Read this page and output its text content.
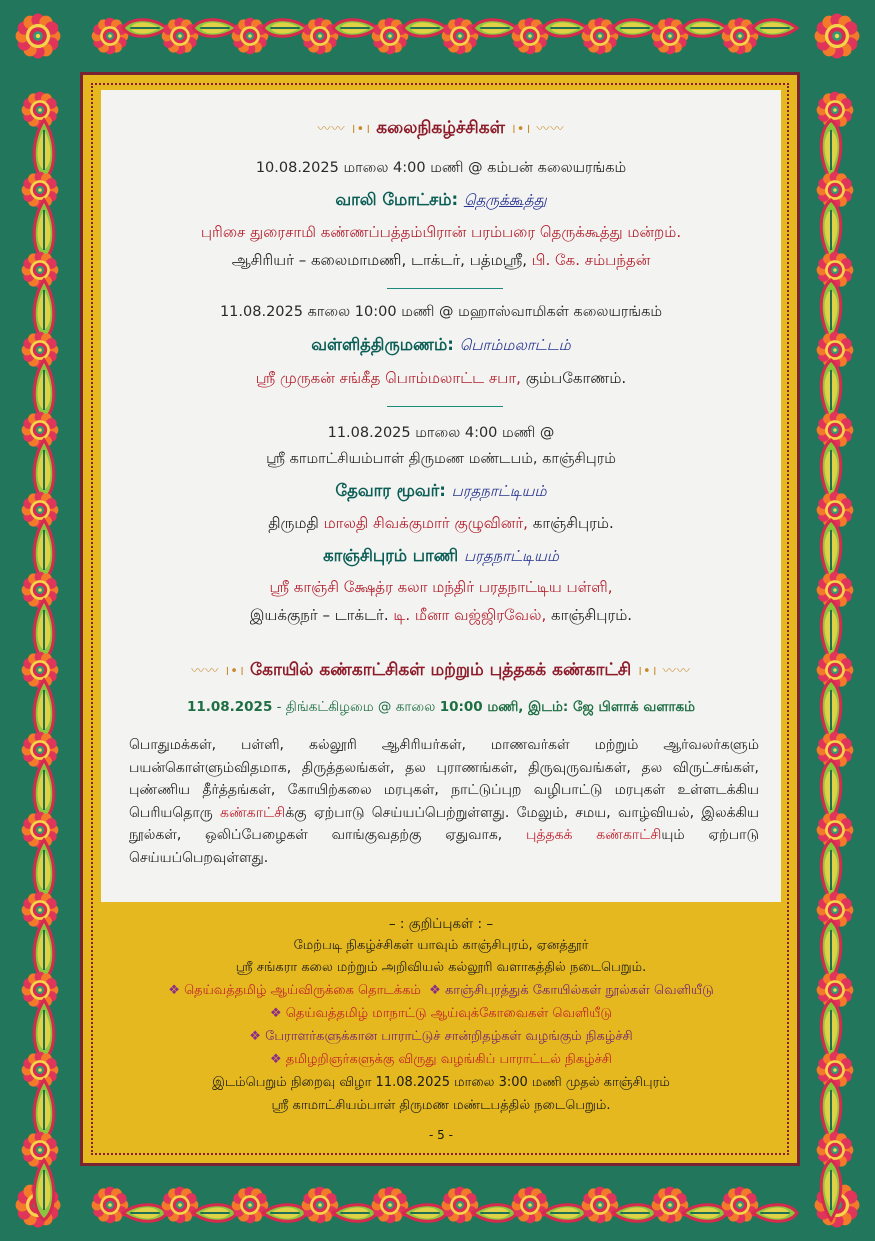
〰〰 ।•। கலைநிகழ்ச்சிகள் ।•। 〰〰
10.08.2025 மாலை 4:00 மணி @ கம்பன் கலையரங்கம்
வாலி மோட்சம்: தெருக்கூத்து
புரிசை துரைசாமி கண்ணப்பத்தம்பிரான் பரம்பரை தெருக்கூத்து மன்றம்.
ஆசிரியர் – கலைமாமணி, டாக்டர், பத்மஸ்ரீ, பி. கே. சம்பந்தன்
11.08.2025 காலை 10:00 மணி @ மஹாஸ்வாமிகள் கலையரங்கம்
வள்ளித்திருமணம்: பொம்மலாட்டம்
ஸ்ரீ முருகன் சங்கீத பொம்மலாட்ட சபா, கும்பகோணம்.
11.08.2025 மாலை 4:00 மணி @
ஸ்ரீ காமாட்சியம்பாள் திருமண மண்டபம், காஞ்சிபுரம்
தேவார மூவர்: பரதநாட்டியம்
திருமதி மாலதி சிவக்குமார் குழுவினர், காஞ்சிபுரம்.
காஞ்சிபுரம் பாணி பரதநாட்டியம்
ஸ்ரீ காஞ்சி க்ஷேத்ர கலா மந்திர் பரதநாட்டிய பள்ளி,
இயக்குநர் – டாக்டர். டி. மீனா வஜ்ஜிரவேல், காஞ்சிபுரம்.
〰〰 ।•। கோயில் கண்காட்சிகள் மற்றும் புத்தகக் கண்காட்சி ।•। 〰〰
11.08.2025 - திங்கட்கிழமை @ காலை 10:00 மணி, இடம்: ஜே பிளாக் வளாகம்
பொதுமக்கள், பள்ளி, கல்லூரி ஆசிரியர்கள், மாணவர்கள் மற்றும் ஆர்வலர்களும் பயன்கொள்ளும்விதமாக, திருத்தலங்கள், தல புராணங்கள், திருவுருவங்கள், தல விருட்சங்கள், புண்ணிய தீர்த்தங்கள், கோயிற்கலை மரபுகள், நாட்டுப்புற வழிபாட்டு மரபுகள் உள்ளடக்கிய பெரியதொரு கண்காட்சிக்கு ஏற்பாடு செய்யப்பெற்றுள்ளது. மேலும், சமய, வாழ்வியல், இலக்கிய நூல்கள், ஒலிப்பேழைகள் வாங்குவதற்கு ஏதுவாக, புத்தகக் கண்காட்சியும் ஏற்பாடு செய்யப்பெறவுள்ளது.
– : குறிப்புகள் : –
மேற்படி நிகழ்ச்சிகள் யாவும் காஞ்சிபுரம், ஏனத்தூர்
ஸ்ரீ சங்கரா கலை மற்றும் அறிவியல் கல்லூரி வளாகத்தில் நடைபெறும்.
❖ தெய்வத்தமிழ் ஆய்விருக்கை தொடக்கம் ❖ காஞ்சிபுரத்துக் கோயில்கள் நூல்கள் வெளியீடு
❖ தெய்வத்தமிழ் மாநாட்டு ஆய்வுக்கோவைகள் வெளியீடு
❖ பேராளர்களுக்கான பாராட்டுச் சான்றிதழ்கள் வழங்கும் நிகழ்ச்சி
❖ தமிழறிஞர்களுக்கு விருது வழங்கிப் பாராட்டல் நிகழ்ச்சி
இடம்பெறும் நிறைவு விழா 11.08.2025 மாலை 3:00 மணி முதல் காஞ்சிபுரம்
ஸ்ரீ காமாட்சியம்பாள் திருமண மண்டபத்தில் நடைபெறும்.
- 5 -
